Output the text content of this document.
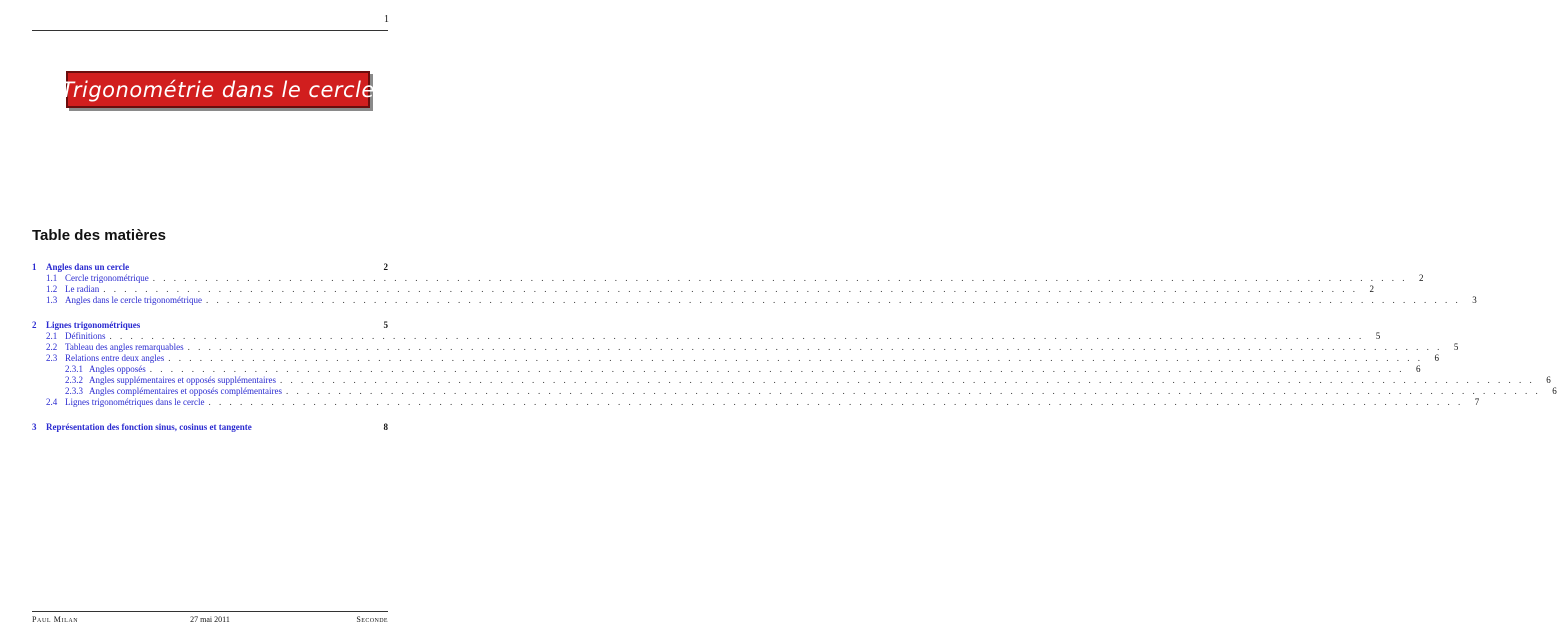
1
Trigonométrie dans le cercle
Table des matières
1	Angles dans un cercle	2
1.1 Cercle trigonométrique . . . . . . . . . . . . . . . . . . . . . . . . . . . . . . . . . . . . . . . . . . . . . . . . . . . . . . . . . . . . . . . . . . . . . . . . . . . . . . . . . . . . . . . . . . . . . . . . . . . . . . . . . . . . . . . . . . . . . . . .	2
1.2 Le radian . . . . . . . . . . . . . . . . . . . . . . . . . . . . . . . . . . . . . . . . . . . . . . . . . . . . . . . . . . . . . . . . . . . . . . . . . . . . . . . . . . . . . . . . . . . . . . . . . . . . . . . . . . . . . . . . . . . . . . . .	2
1.3 Angles dans le cercle trigonométrique . . . . . . . . . . . . . . . . . . . . . . . . . . . . . . . . . . . . . . . . . . . . . . . . . . . . . . . . . . . . . . . . . . . . . . . . . . . . . . . . . . . . . . . . . . . . . . . . . . . . . . . . . . . . . . . . . . . . . . . .	3
2	Lignes trigonométriques	5
2.1 Définitions . . . . . . . . . . . . . . . . . . . . . . . . . . . . . . . . . . . . . . . . . . . . . . . . . . . . . . . . . . . . . . . . . . . . . . . . . . . . . . . . . . . . . . . . . . . . . . . . . . . . . . . . . . . . . . . . . . . . . . . .	5
2.2 Tableau des angles remarquables . . . . . . . . . . . . . . . . . . . . . . . . . . . . . . . . . . . . . . . . . . . . . . . . . . . . . . . . . . . . . . . . . . . . . . . . . . . . . . . . . . . . . . . . . . . . . . . . . . . . . . . . . . . . . . . . . . . . . . . .	5
2.3 Relations entre deux angles . . . . . . . . . . . . . . . . . . . . . . . . . . . . . . . . . . . . . . . . . . . . . . . . . . . . . . . . . . . . . . . . . . . . . . . . . . . . . . . . . . . . . . . . . . . . . . . . . . . . . . . . . . . . . . . . . . . . . . . .	6
2.3.1 Angles opposés . . . . . . . . . . . . . . . . . . . . . . . . . . . . . . . . . . . . . . . . . . . . . . . . . . . . . . . . . . . . . . . . . . . . . . . . . . . . . . . . . . . . . . . . . . . . . . . . . . . . . . . . . . . . . . . . . . . . . . . .	6
2.3.2 Angles supplémentaires et opposés supplémentaires . . . . . . . . . . . . . . . . . . . . . . . . . . . . . . . . . . . . . . . . . . . . . . . . . . . . . . . . . . . . . . . . . . . . . . . . . . . . . . . . . . . . . . . . . . . . . . . . . . . . . . . . . . . . . . . . . . . . . . . .	6
2.3.3 Angles complémentaires et opposés complémentaires . . . . . . . . . . . . . . . . . . . . . . . . . . . . . . . . . . . . . . . . . . . . . . . . . . . . . . . . . . . . . . . . . . . . . . . . . . . . . . . . . . . . . . . . . . . . . . . . . . . . . . . . . . . . . . . . . . . . . . . .	6
2.4 Lignes trigonométriques dans le cercle . . . . . . . . . . . . . . . . . . . . . . . . . . . . . . . . . . . . . . . . . . . . . . . . . . . . . . . . . . . . . . . . . . . . . . . . . . . . . . . . . . . . . . . . . . . . . . . . . . . . . . . . . . . . . . . . . . . . . . . .	7
3	Représentation des fonction sinus, cosinus et tangente	8
Paul Milan	27 mai 2011	Seconde
